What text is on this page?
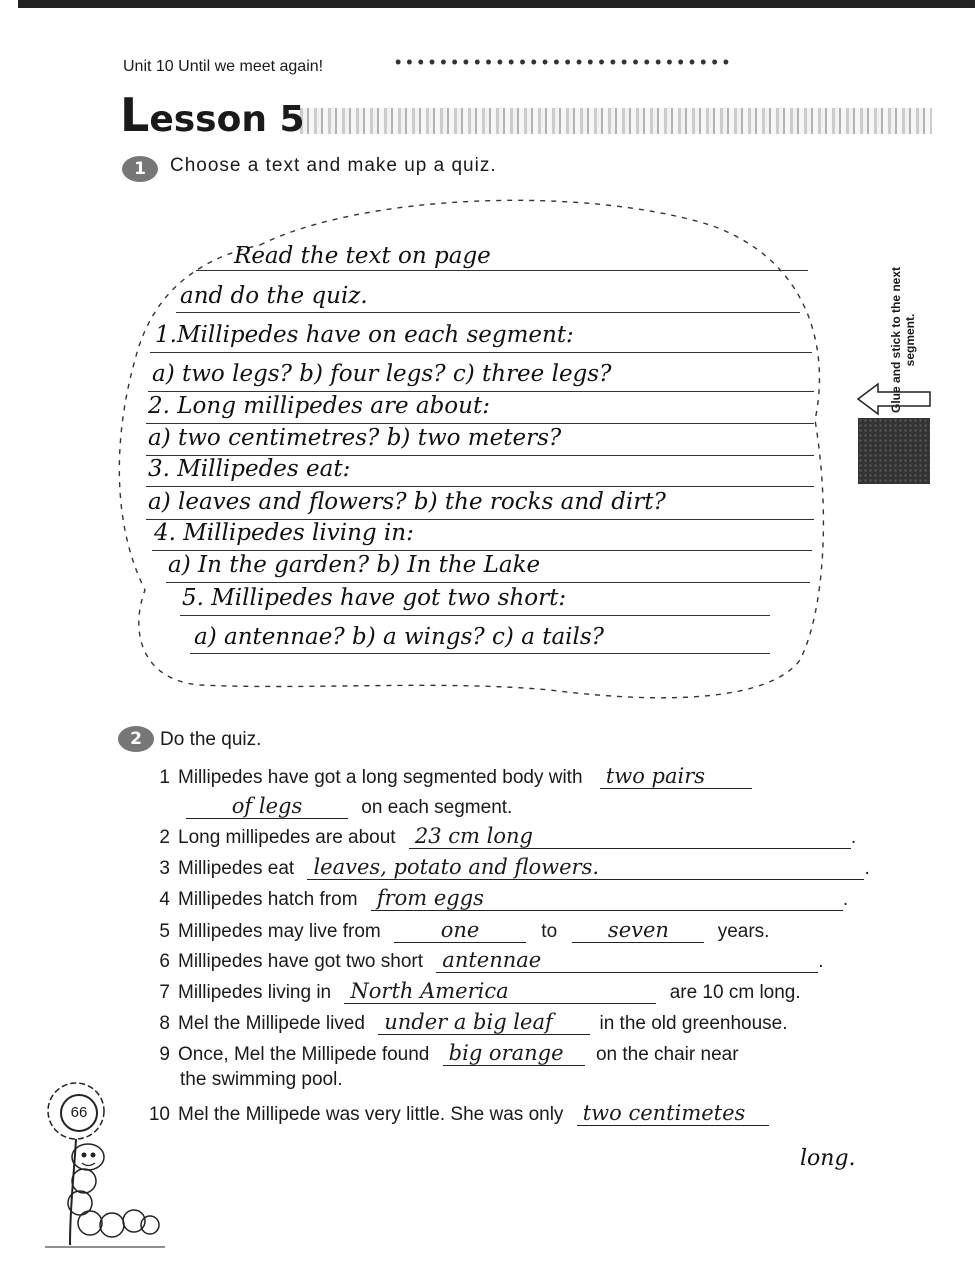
Unit 10 Until we meet again!	••••••••••••••••••••••••••••••
Lesson 5
1	Choose a text and make up a quiz.
Read the text on page
and do the quiz.
1.Millipedes have on each segment:
a) two legs? b) four legs? c) three legs?
2. Long millipedes are about:
a) two centimetres? b) two meters?
3. Millipedes eat:
a) leaves and flowers? b) the rocks and dirt?
4. Millipedes living in:
a) In the garden? b) In the Lake
5. Millipedes have got two short:
a) antennae? b) a wings? c) a tails?
Glue and stick to the next segment.
2 Do the quiz.
1 Millipedes have got a long segmented body with two pairs
of legs	on each segment.
2 Long millipedes are about 23 cm long	.
3 Millipedes eat leaves, potato and flowers.	.
4 Millipedes hatch from from eggs	.
5 Millipedes may live from	one	to seven	years.
6 Millipedes have got two short antennae	.
7 Millipedes living in North America	are 10 cm long.
8 Mel the Millipede lived under a big leaf in the old greenhouse.
9 Once, Mel the Millipede found big orange on the chair near
the swimming pool.
10 Mel the Millipede was very little. She was only two centimetes
long.
66
